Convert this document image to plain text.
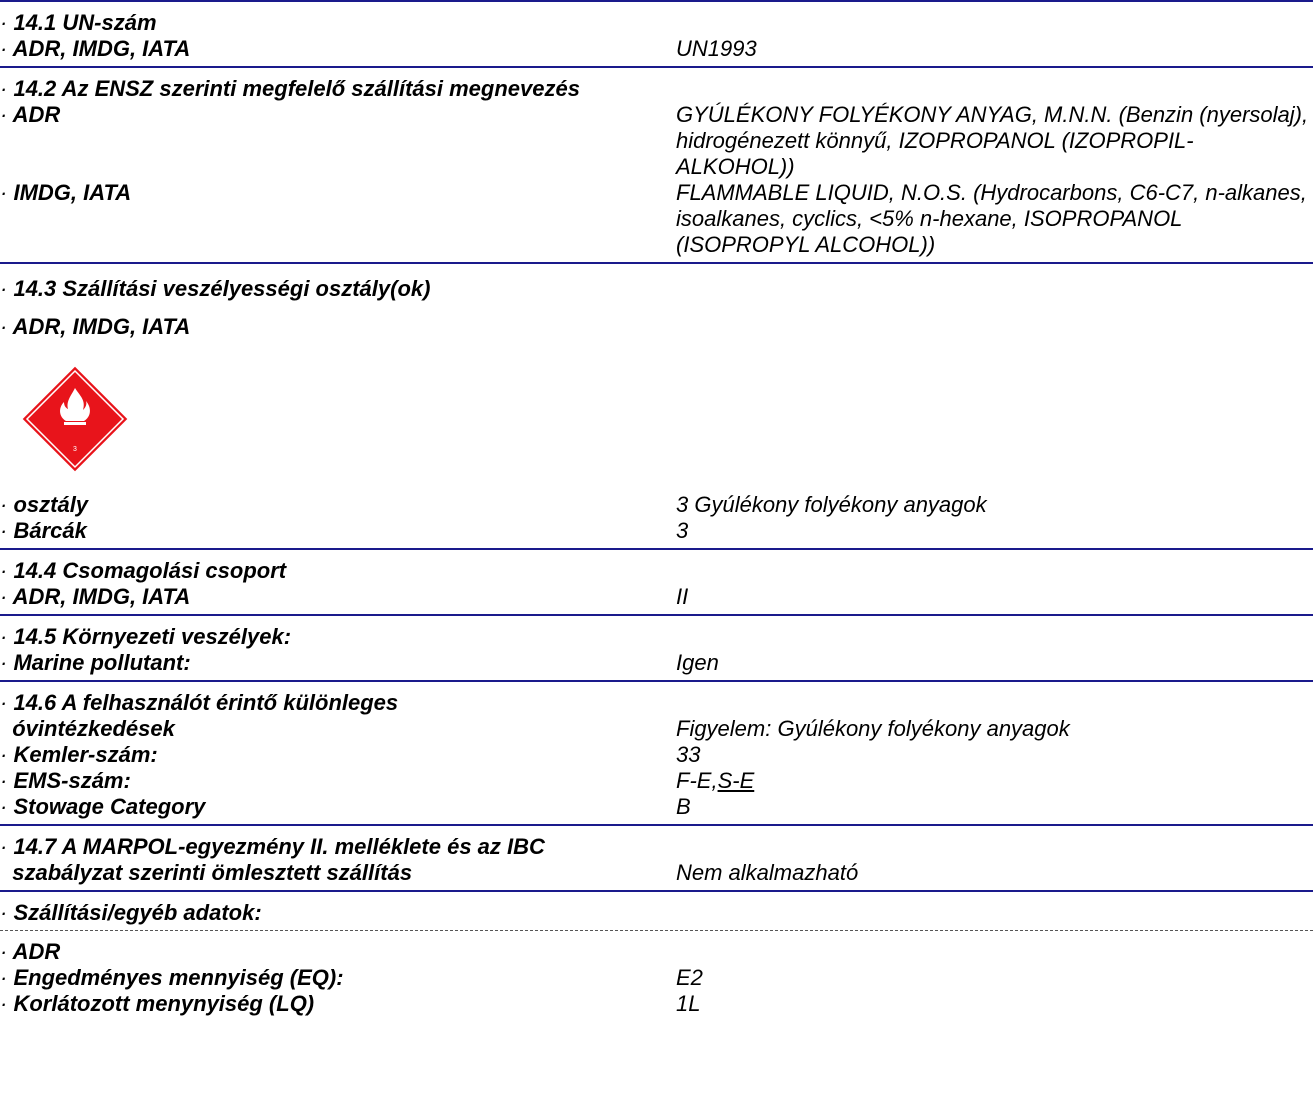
· 14.1 UN-szám
· ADR, IMDG, IATA	UN1993
· 14.2 Az ENSZ szerinti megfelelő szállítási megnevezés
· ADR	GYÚLÉKONY FOLYÉKONY ANYAG, M.N.N. (Benzin (nyersolaj), hidrogénezett könnyű, IZOPROPANOL (IZOPROPIL-ALKOHOL))
· IMDG, IATA	FLAMMABLE LIQUID, N.O.S. (Hydrocarbons, C6-C7, n-alkanes, isoalkanes, cyclics, <5% n-hexane, ISOPROPANOL (ISOPROPYL ALCOHOL))
· 14.3 Szállítási veszélyességi osztály(ok)
· ADR, IMDG, IATA
3
· osztály	3 Gyúlékony folyékony anyagok
· Bárcák	3
· 14.4 Csomagolási csoport
· ADR, IMDG, IATA	II
· 14.5 Környezeti veszélyek:
· Marine pollutant:	Igen
· 14.6 A felhasználót érintő különleges
óvintézkedések	Figyelem: Gyúlékony folyékony anyagok
· Kemler-szám:	33
· EMS-szám:	F-E,S-E
· Stowage Category	B
· 14.7 A MARPOL-egyezmény II. melléklete és az IBC
szabályzat szerinti ömlesztett szállítás	Nem alkalmazható
· Szállítási/egyéb adatok:
· ADR
· Engedményes mennyiség (EQ):	E2
· Korlátozott menynyiség (LQ)	1L
